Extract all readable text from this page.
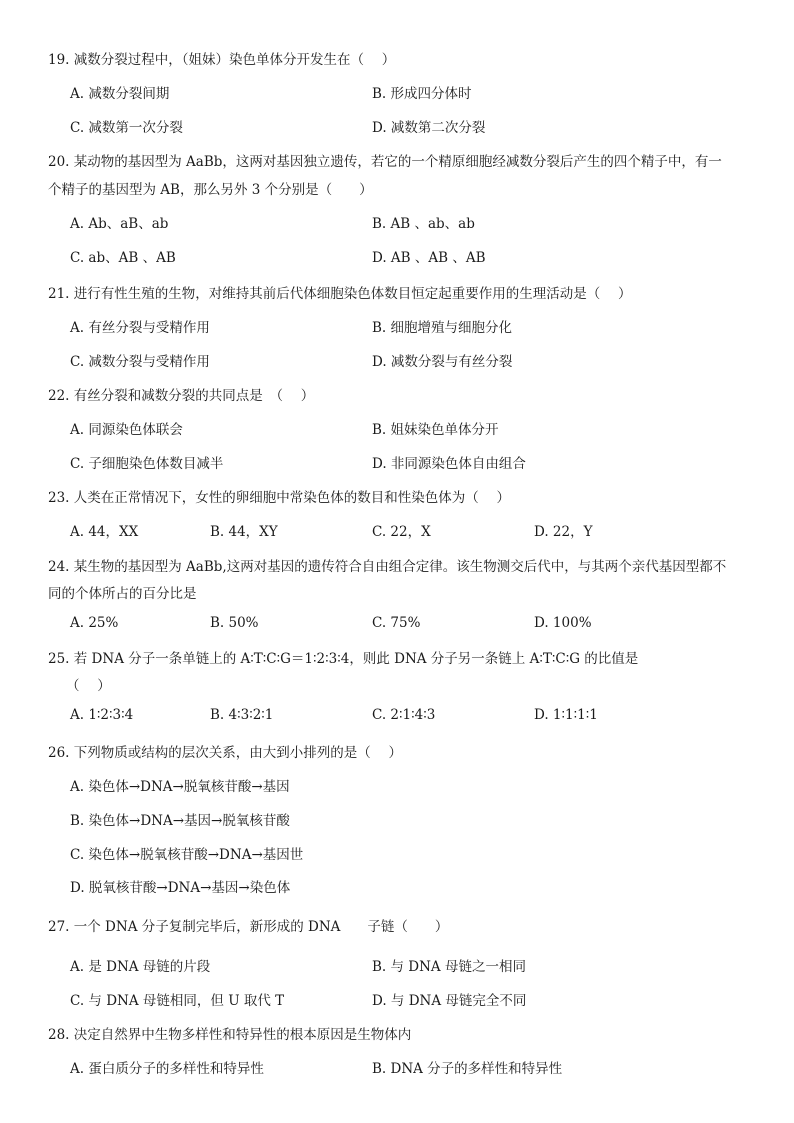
19. 减数分裂过程中，（姐妹）染色单体分开发生在（　 ）
A. 减数分裂间期	B. 形成四分体时
C. 减数第一次分裂	D. 减数第二次分裂
20. 某动物的基因型为 AaBb，这两对基因独立遗传，若它的一个精原细胞经减数分裂后产生的四个精子中，有一
个精子的基因型为 AB，那么另外 3 个分别是（　　）
A. Ab、aB、ab	B. AB 、ab、ab
C. ab、AB 、AB	D. AB 、AB 、AB
21. 进行有性生殖的生物，对维持其前后代体细胞染色体数目恒定起重要作用的生理活动是（　 ）
A. 有丝分裂与受精作用	B. 细胞增殖与细胞分化
C. 减数分裂与受精作用	D. 减数分裂与有丝分裂
22. 有丝分裂和减数分裂的共同点是　（　 ）
A. 同源染色体联会	B. 姐妹染色单体分开
C. 子细胞染色体数目减半	D. 非同源染色体自由组合
23. 人类在正常情况下，女性的卵细胞中常染色体的数目和性染色体为（　 ）
A. 44，XX	B. 44，XY	C. 22，X	D. 22，Y
24. 某生物的基因型为 AaBb,这两对基因的遗传符合自由组合定律。该生物测交后代中，与其两个亲代基因型都不
同的个体所占的百分比是
A. 25%	B. 50%	C. 75%	D. 100%
25. 若 DNA 分子一条单链上的 A∶T∶C∶G＝1∶2∶3∶4，则此 DNA 分子另一条链上 A∶T∶C∶G 的比值是
（　 ）
A. 1∶2∶3∶4	B. 4∶3∶2∶1	C. 2∶1∶4∶3	D. 1∶1∶1∶1
26. 下列物质或结构的层次关系，由大到小排列的是（　 ）
A. 染色体→DNA→脱氧核苷酸→基因
B. 染色体→DNA→基因→脱氧核苷酸
C. 染色体→脱氧核苷酸→DNA→基因世
D. 脱氧核苷酸→DNA→基因→染色体
27. 一个 DNA 分子复制完毕后，新形成的 DNA　　子链（　　）
A. 是 DNA 母链的片段	B. 与 DNA 母链之一相同
C. 与 DNA 母链相同，但 U 取代 T	D. 与 DNA 母链完全不同
28. 决定自然界中生物多样性和特异性的根本原因是生物体内
A. 蛋白质分子的多样性和特异性	B. DNA 分子的多样性和特异性
